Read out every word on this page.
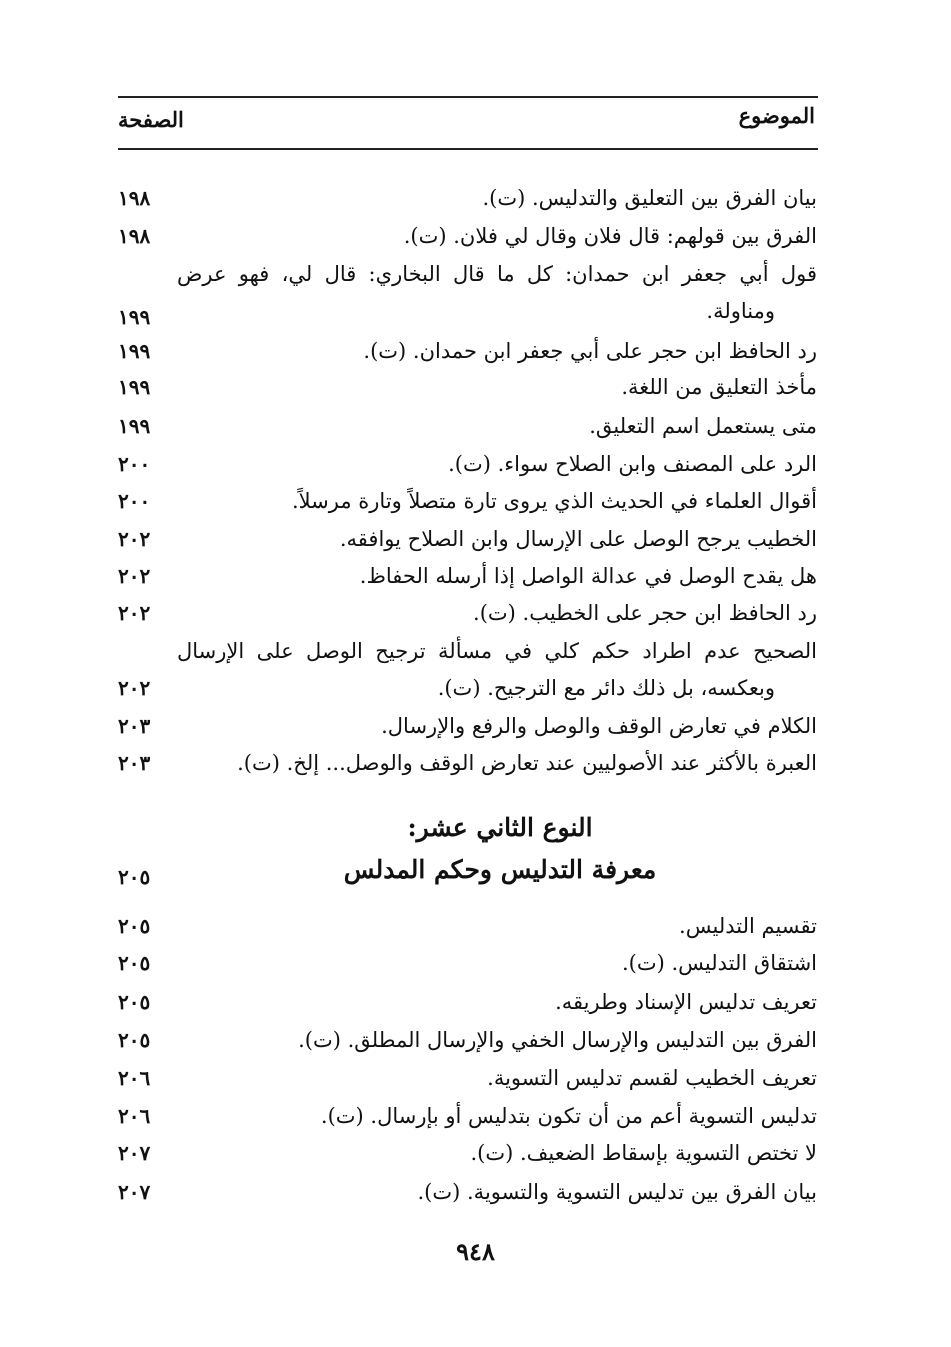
الموضوع
الصفحة
بيان الفرق بين التعليق والتدليس. (ت).
١٩٨
الفرق بين قولهم: قال فلان وقال لي فلان. (ت).
١٩٨
قول أبي جعفر ابن حمدان: كل ما قال البخاري: قال لي، فهو عرض
ومناولة.
١٩٩
رد الحافظ ابن حجر على أبي جعفر ابن حمدان. (ت).
١٩٩
مأخذ التعليق من اللغة.
١٩٩
متى يستعمل اسم التعليق.
١٩٩
الرد على المصنف وابن الصلاح سواء. (ت).
٢٠٠
أقوال العلماء في الحديث الذي يروى تارة متصلاً وتارة مرسلاً.
٢٠٠
الخطيب يرجح الوصل على الإرسال وابن الصلاح يوافقه.
٢٠٢
هل يقدح الوصل في عدالة الواصل إذا أرسله الحفاظ.
٢٠٢
رد الحافظ ابن حجر على الخطيب. (ت).
٢٠٢
الصحيح عدم اطراد حكم كلي في مسألة ترجيح الوصل على الإرسال
وبعكسه، بل ذلك دائر مع الترجيح. (ت).
٢٠٢
الكلام في تعارض الوقف والوصل والرفع والإرسال.
٢٠٣
العبرة بالأكثر عند الأصوليين عند تعارض الوقف والوصل... إلخ. (ت).
٢٠٣
النوع الثاني عشر:
معرفة التدليس وحكم المدلس
٢٠٥
تقسيم التدليس.
٢٠٥
اشتقاق التدليس. (ت).
٢٠٥
تعريف تدليس الإسناد وطريقه.
٢٠٥
الفرق بين التدليس والإرسال الخفي والإرسال المطلق. (ت).
٢٠٥
تعريف الخطيب لقسم تدليس التسوية.
٢٠٦
تدليس التسوية أعم من أن تكون بتدليس أو بإرسال. (ت).
٢٠٦
لا تختص التسوية بإسقاط الضعيف. (ت).
٢٠٧
بيان الفرق بين تدليس التسوية والتسوية. (ت).
٢٠٧
٩٤٨
